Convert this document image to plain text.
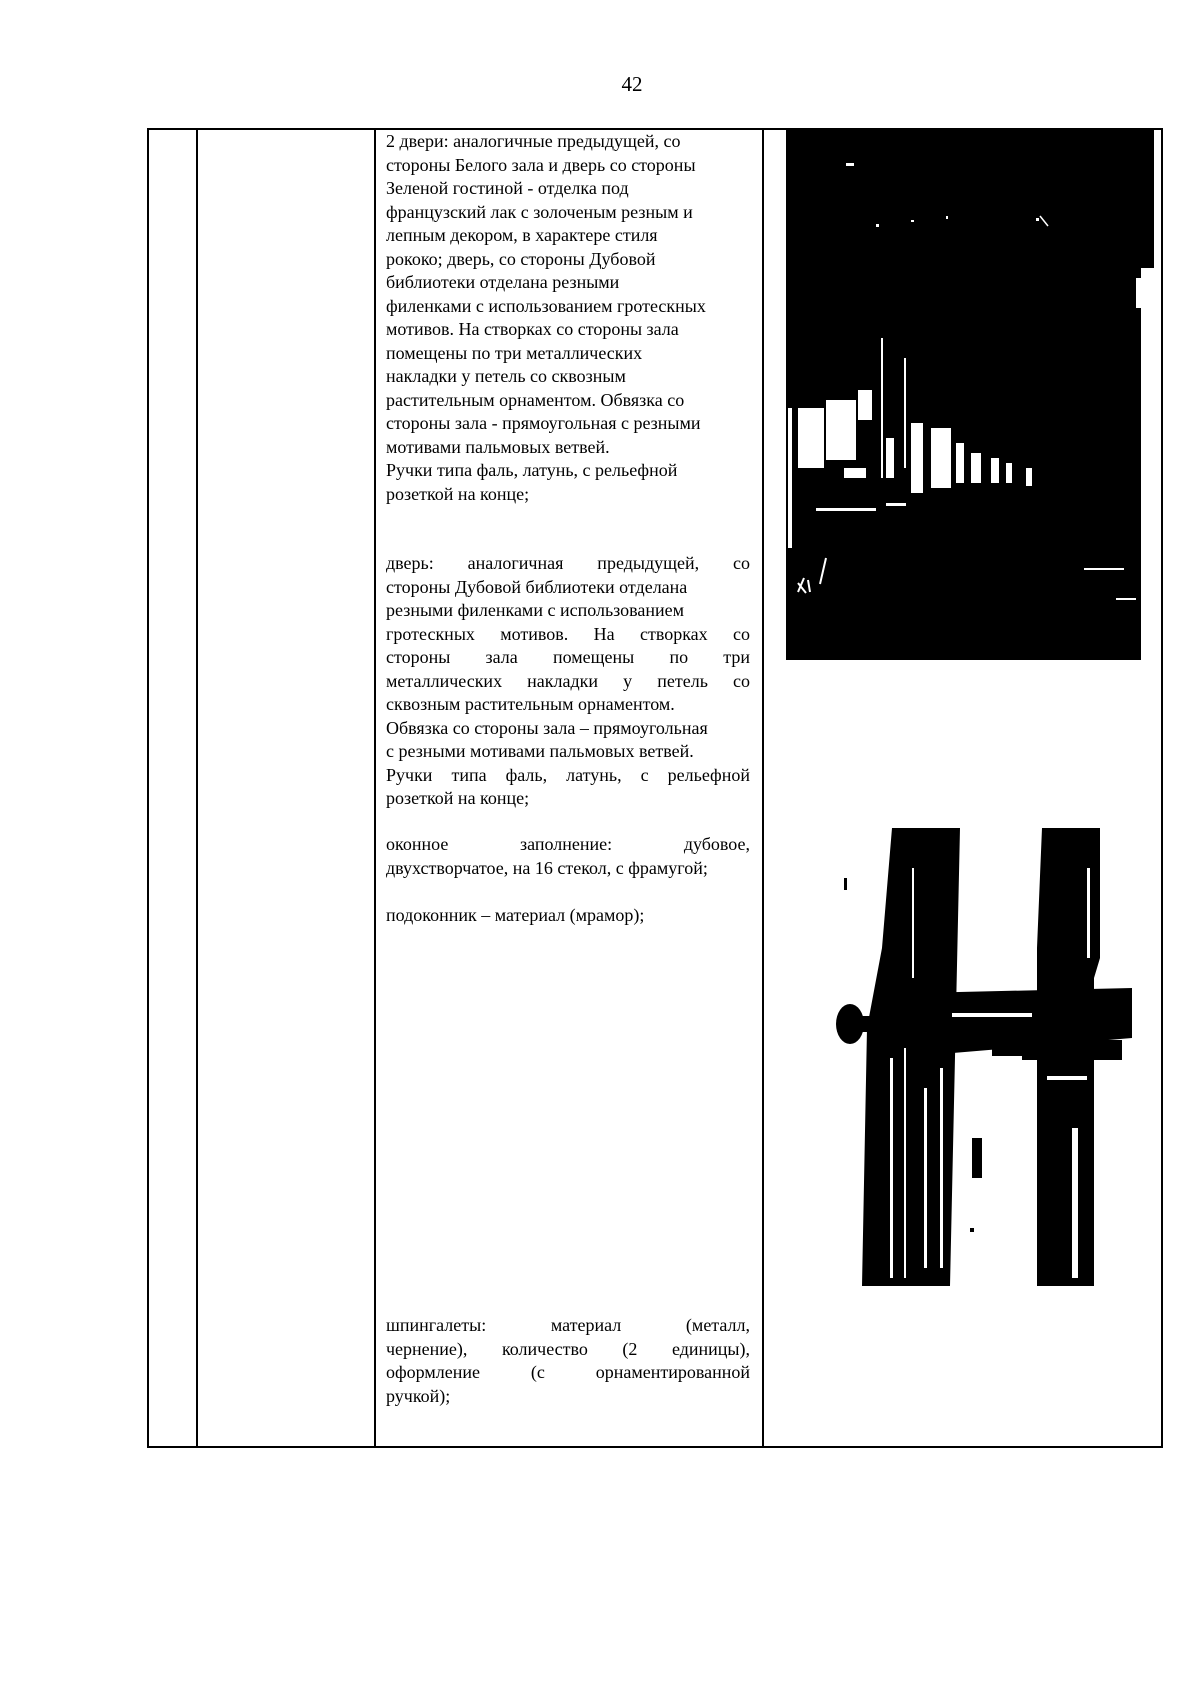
42

2 двери: аналогичные предыдущей, со

стороны Белого зала и дверь со стороны

Зеленой гостиной - отделка под

французский лак с золоченым резным и

лепным декором, в характере стиля

рококо; дверь, со стороны Дубовой

библиотеки отделана резными

филенками с использованием гротескных

мотивов. На створках со стороны зала

помещены по три металлических

накладки у петель со сквозным

растительным орнаментом. Обвязка со

стороны зала - прямоугольная с резными

мотивами пальмовых ветвей.

Ручки типа фаль, латунь, с рельефной

розеткой на конце;

дверь: аналогичная предыдущей, со

стороны Дубовой библиотеки отделана

резными филенками с использованием

гротескных мотивов. На створках со

стороны зала помещены по три

металлических накладки у петель со

сквозным растительным орнаментом.

Обвязка со стороны зала – прямоугольная

с резными мотивами пальмовых ветвей.

Ручки типа фаль, латунь, с рельефной

розеткой на конце;

оконное заполнение: дубовое,

двухстворчатое, на 16 стекол, с фрамугой;

подоконник – материал (мрамор);

шпингалеты: материал (металл,

чернение), количество (2 единицы),

оформление (с орнаментированной

ручкой);
